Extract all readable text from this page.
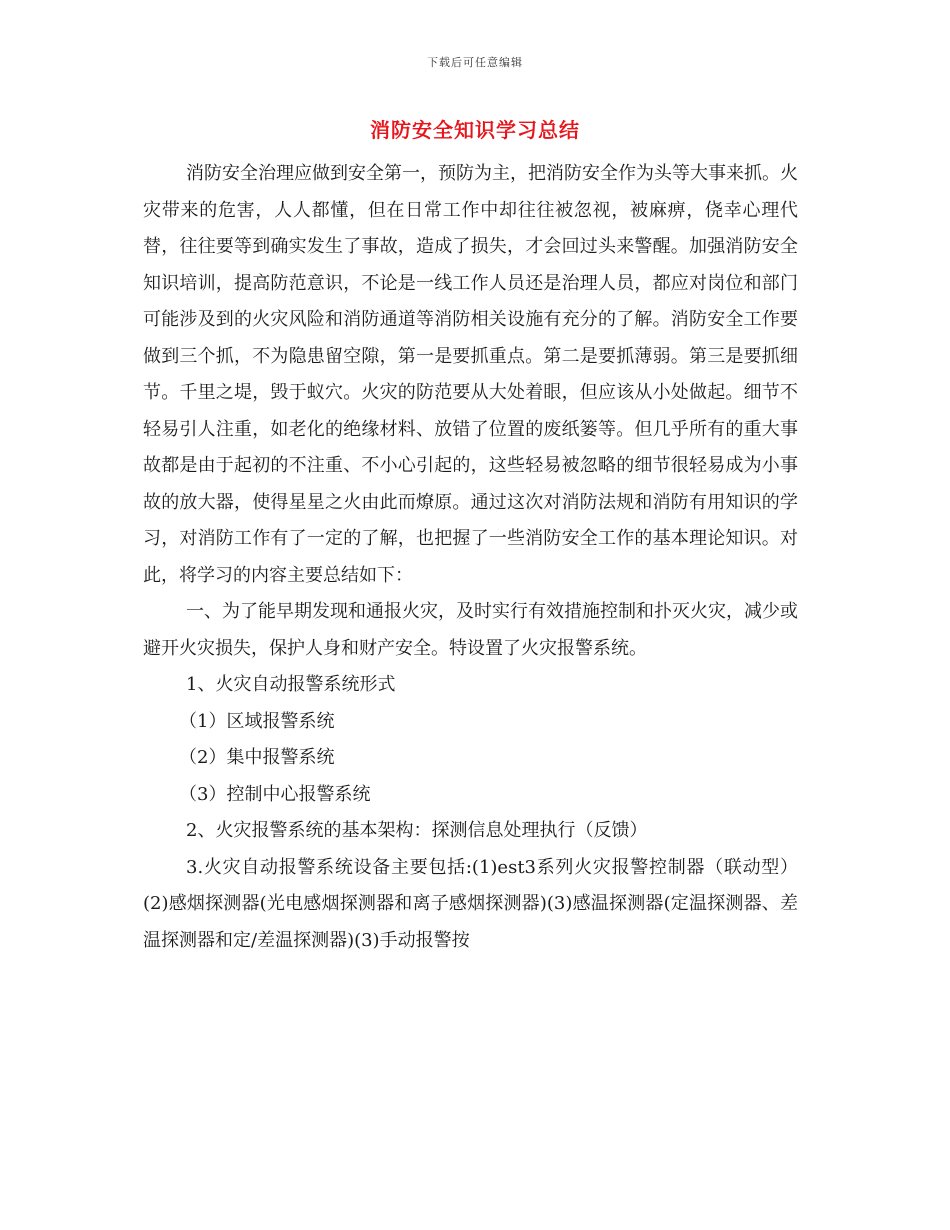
下载后可任意编辑
消防安全知识学习总结

消防安全治理应做到安全第一，预防为主，把消防安全作为头等大事来抓。火灾带来的危害，人人都懂，但在日常工作中却往往被忽视，被麻痹，侥幸心理代替，往往要等到确实发生了事故，造成了损失，才会回过头来警醒。加强消防安全知识培训，提高防范意识，不论是一线工作人员还是治理人员，都应对岗位和部门可能涉及到的火灾风险和消防通道等消防相关设施有充分的了解。消防安全工作要做到三个抓，不为隐患留空隙，第一是要抓重点。第二是要抓薄弱。第三是要抓细节。千里之堤，毁于蚁穴。火灾的防范要从大处着眼，但应该从小处做起。细节不轻易引人注重，如老化的绝缘材料、放错了位置的废纸篓等。但几乎所有的重大事故都是由于起初的不注重、不小心引起的，这些轻易被忽略的细节很轻易成为小事故的放大器，使得星星之火由此而燎原。通过这次对消防法规和消防有用知识的学习，对消防工作有了一定的了解，也把握了一些消防安全工作的基本理论知识。对此，将学习的内容主要总结如下：

一、为了能早期发现和通报火灾，及时实行有效措施控制和扑灭火灾，减少或避开火灾损失，保护人身和财产安全。特设置了火灾报警系统。

1、火灾自动报警系统形式

（1）区域报警系统

（2）集中报警系统

（3）控制中心报警系统

2、火灾报警系统的基本架构：探测信息处理执行（反馈）

3.火灾自动报警系统设备主要包括:(1)est3系列火灾报警控制器（联动型）(2)感烟探测器(光电感烟探测器和离子感烟探测器)(3)感温探测器(定温探测器、差温探测器和定/差温探测器)(3)手动报警按
